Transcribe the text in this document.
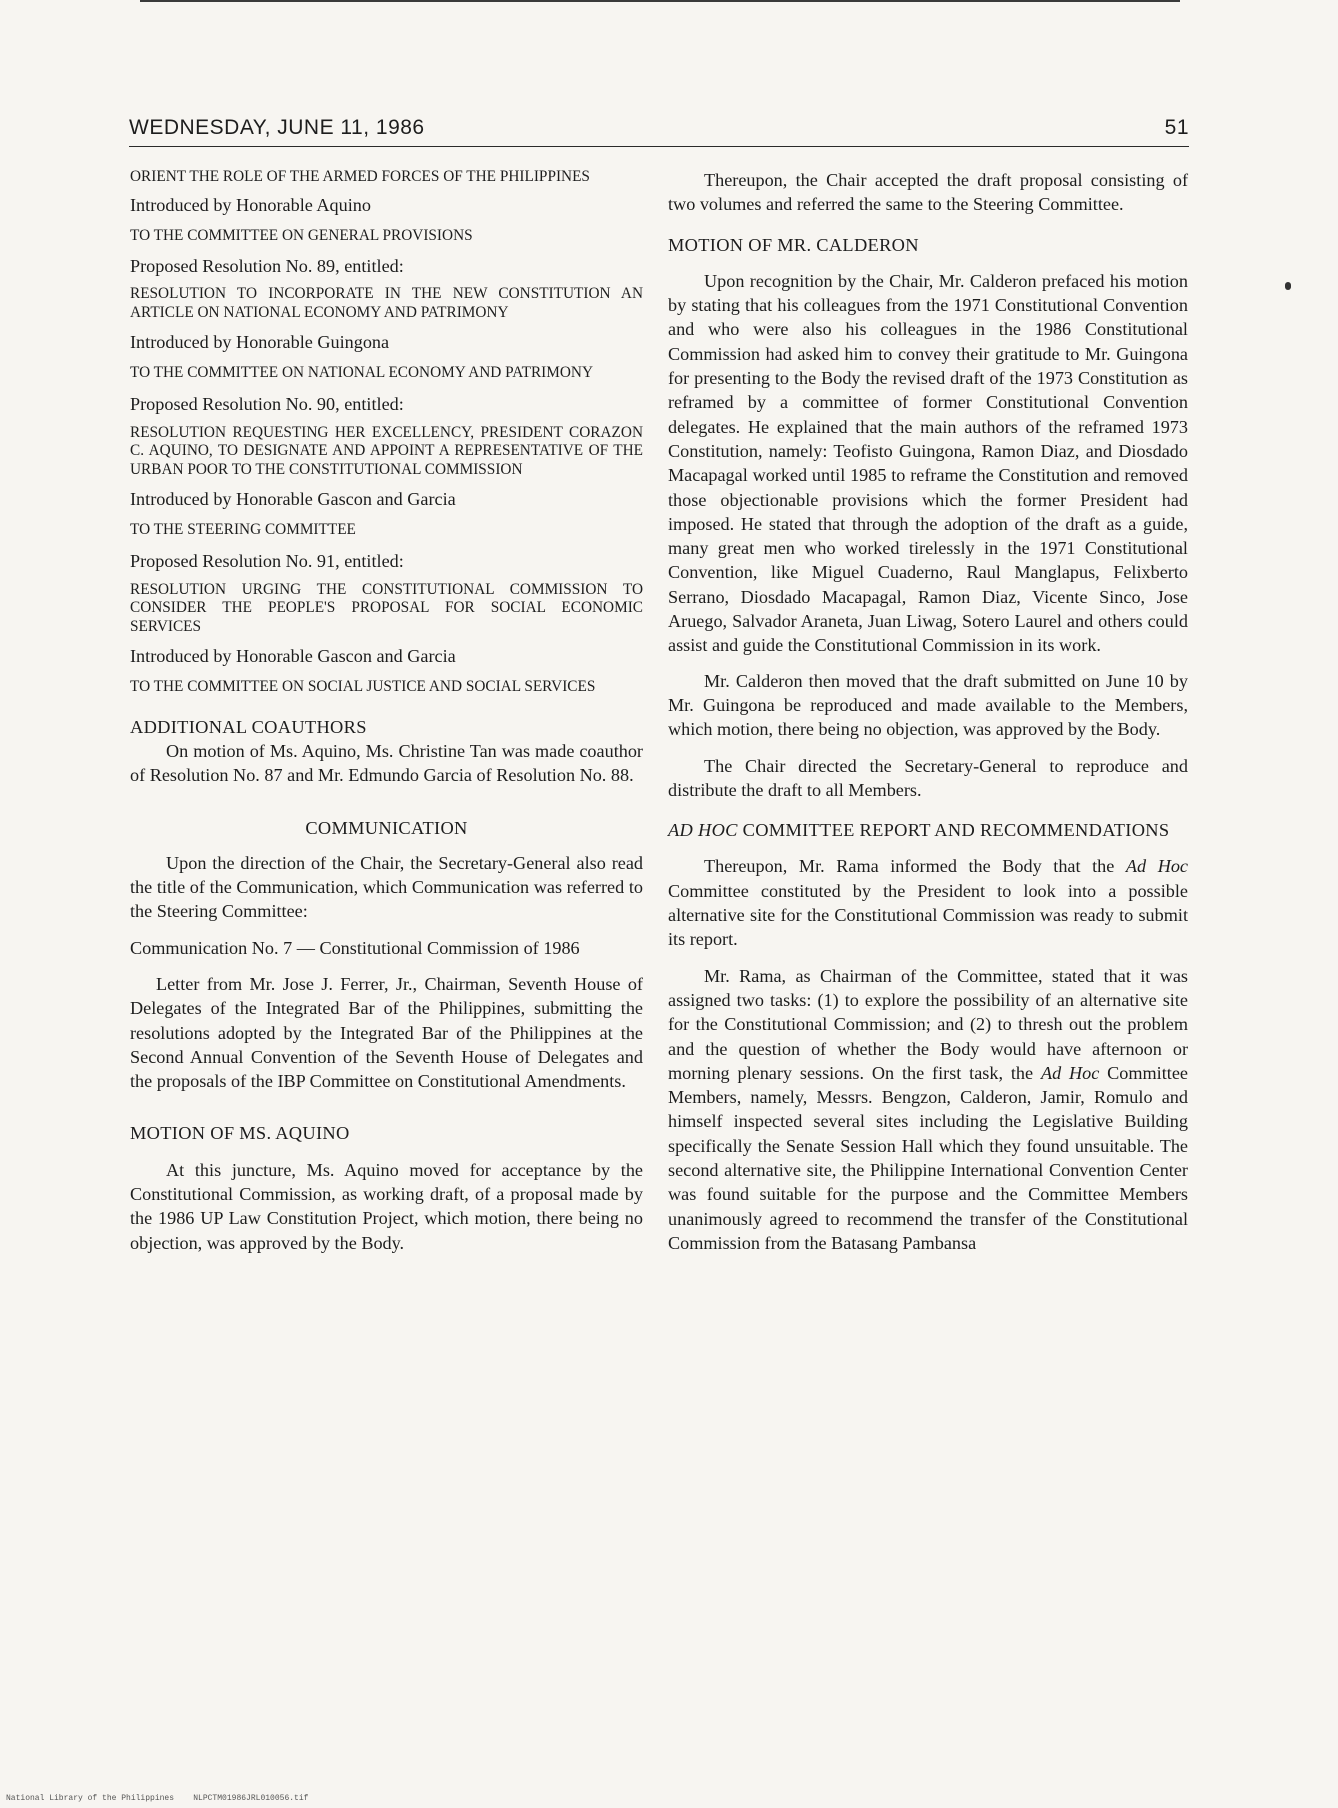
WEDNESDAY, JUNE 11, 1986	51

ORIENT THE ROLE OF THE ARMED FORCES OF THE PHILIPPINES

Introduced by Honorable Aquino

TO THE COMMITTEE ON GENERAL PROVISIONS

Proposed Resolution No. 89, entitled:

RESOLUTION TO INCORPORATE IN THE NEW CONSTITUTION AN ARTICLE ON NATIONAL ECONOMY AND PATRIMONY

Introduced by Honorable Guingona

TO THE COMMITTEE ON NATIONAL ECONOMY AND PATRIMONY

Proposed Resolution No. 90, entitled:

RESOLUTION REQUESTING HER EXCELLENCY, PRESIDENT CORAZON C. AQUINO, TO DESIGNATE AND APPOINT A REPRESENTATIVE OF THE URBAN POOR TO THE CONSTITUTIONAL COMMISSION

Introduced by Honorable Gascon and Garcia

TO THE STEERING COMMITTEE

Proposed Resolution No. 91, entitled:

RESOLUTION URGING THE CONSTITUTIONAL COMMISSION TO CONSIDER THE PEOPLE'S PROPOSAL FOR SOCIAL ECONOMIC SERVICES

Introduced by Honorable Gascon and Garcia

TO THE COMMITTEE ON SOCIAL JUSTICE AND SOCIAL SERVICES

ADDITIONAL COAUTHORS

On motion of Ms. Aquino, Ms. Christine Tan was made coauthor of Resolution No. 87 and Mr. Edmundo Garcia of Resolution No. 88.

COMMUNICATION

Upon the direction of the Chair, the Secretary-General also read the title of the Communication, which Communication was referred to the Steering Committee:

Communication No. 7 — Constitutional Commission of 1986

Letter from Mr. Jose J. Ferrer, Jr., Chairman, Seventh House of Delegates of the Integrated Bar of the Philippines, submitting the resolutions adopted by the Integrated Bar of the Philippines at the Second Annual Convention of the Seventh House of Delegates and the proposals of the IBP Committee on Constitutional Amendments.

MOTION OF MS. AQUINO

At this juncture, Ms. Aquino moved for acceptance by the Constitutional Commission, as working draft, of a proposal made by the 1986 UP Law Constitution Project, which motion, there being no objection, was approved by the Body.

Thereupon, the Chair accepted the draft proposal consisting of two volumes and referred the same to the Steering Committee.

MOTION OF MR. CALDERON

Upon recognition by the Chair, Mr. Calderon prefaced his motion by stating that his colleagues from the 1971 Constitutional Convention and who were also his colleagues in the 1986 Constitutional Commission had asked him to convey their gratitude to Mr. Guingona for presenting to the Body the revised draft of the 1973 Constitution as reframed by a committee of former Constitutional Convention delegates. He explained that the main authors of the reframed 1973 Constitution, namely: Teofisto Guingona, Ramon Diaz, and Diosdado Macapagal worked until 1985 to reframe the Constitution and removed those objectionable provisions which the former President had imposed. He stated that through the adoption of the draft as a guide, many great men who worked tirelessly in the 1971 Constitutional Convention, like Miguel Cuaderno, Raul Manglapus, Felixberto Serrano, Diosdado Macapagal, Ramon Diaz, Vicente Sinco, Jose Aruego, Salvador Araneta, Juan Liwag, Sotero Laurel and others could assist and guide the Constitutional Commission in its work.

Mr. Calderon then moved that the draft submitted on June 10 by Mr. Guingona be reproduced and made available to the Members, which motion, there being no objection, was approved by the Body.

The Chair directed the Secretary-General to reproduce and distribute the draft to all Members.

AD HOC COMMITTEE REPORT AND RECOMMENDATIONS

Thereupon, Mr. Rama informed the Body that the Ad Hoc Committee constituted by the President to look into a possible alternative site for the Constitutional Commission was ready to submit its report.

Mr. Rama, as Chairman of the Committee, stated that it was assigned two tasks: (1) to explore the possibility of an alternative site for the Constitutional Commission; and (2) to thresh out the problem and the question of whether the Body would have afternoon or morning plenary sessions. On the first task, the Ad Hoc Committee Members, namely, Messrs. Bengzon, Calderon, Jamir, Romulo and himself inspected several sites including the Legislative Building specifically the Senate Session Hall which they found unsuitable. The second alternative site, the Philippine International Convention Center was found suitable for the purpose and the Committee Members unanimously agreed to recommend the transfer of the Constitutional Commission from the Batasang Pambansa

National Library of the Philippines    NLPCTM01986JRL010056.tif
